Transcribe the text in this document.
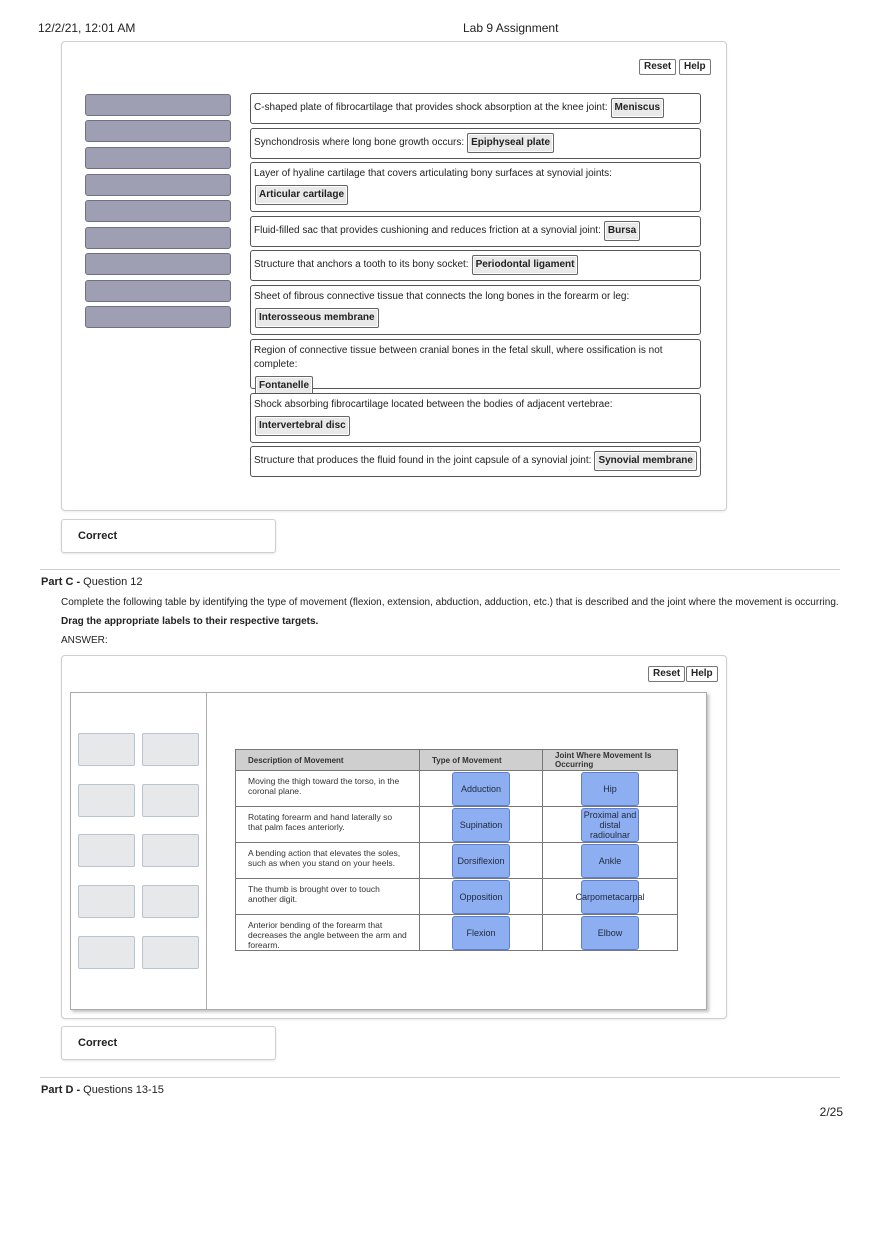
12/2/21, 12:01 AM	Lab 9 Assignment
Reset	Help
C-shaped plate of fibrocartilage that provides shock absorption at the knee joint: Meniscus
Synchondrosis where long bone growth occurs: Epiphyseal plate
Layer of hyaline cartilage that covers articulating bony surfaces at synovial joints:
Articular cartilage
Fluid-filled sac that provides cushioning and reduces friction at a synovial joint: Bursa
Structure that anchors a tooth to its bony socket: Periodontal ligament
Sheet of fibrous connective tissue that connects the long bones in the forearm or leg:
Interosseous membrane
Region of connective tissue between cranial bones in the fetal skull, where ossification is not complete:
Fontanelle
Shock absorbing fibrocartilage located between the bodies of adjacent vertebrae:
Intervertebral disc
Structure that produces the fluid found in the joint capsule of a synovial joint: Synovial membrane
Correct
Part C - Question 12
Complete the following table by identifying the type of movement (flexion, extension, abduction, adduction, etc.) that is described and the joint where the movement is occurring.
Drag the appropriate labels to their respective targets.
ANSWER:
Reset	Help
Description of Movement	Type of Movement	Joint Where Movement Is Occurring
Moving the thigh toward the torso, in the coronal plane.	Adduction	Hip
Rotating forearm and hand laterally so that palm faces anteriorly.	Supination	Proximal and distal radioulnar
A bending action that elevates the soles, such as when you stand on your heels.	Dorsiflexion	Ankle
The thumb is brought over to touch another digit.	Opposition	Carpometacarpal
Anterior bending of the forearm that decreases the angle between the arm and forearm.	Flexion	Elbow
Correct
Part D - Questions 13-15
2/25
